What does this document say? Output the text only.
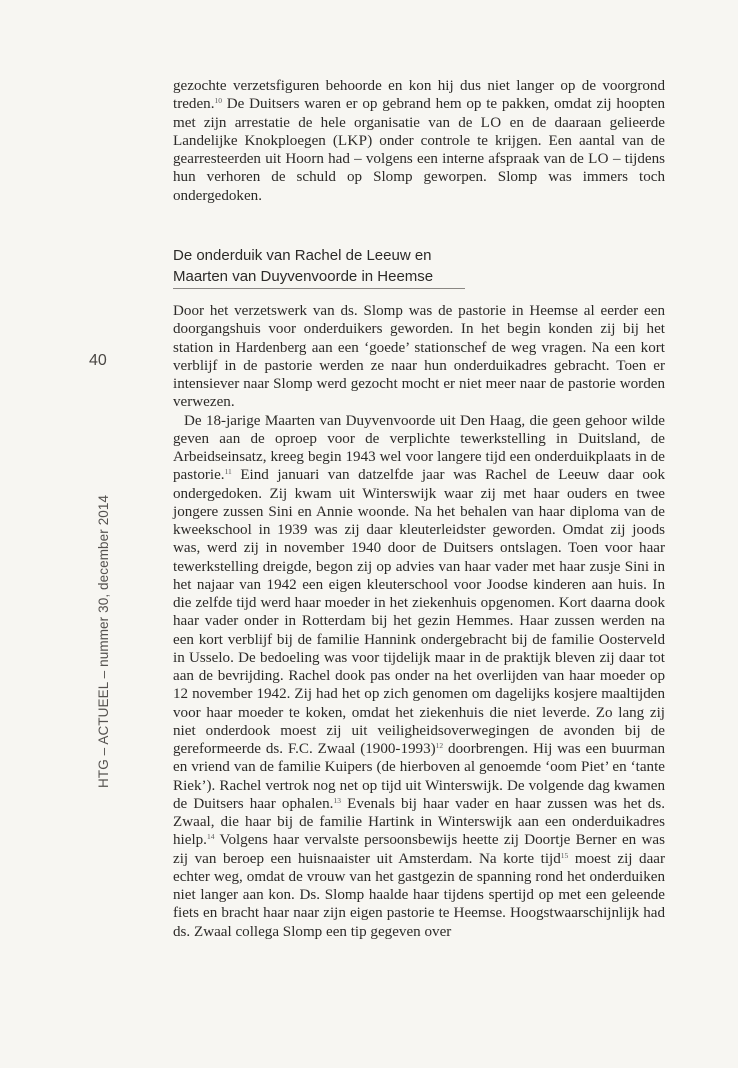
gezochte verzetsfiguren behoorde en kon hij dus niet langer op de voorgrond treden.$^{10}$ De Duitsers waren er op gebrand hem op te pakken, omdat zij hoopten met zijn arrestatie de hele organisatie van de LO en de daaraan gelieerde Landelijke Knokploegen (LKP) onder controle te krijgen. Een aantal van de gearresteerden uit Hoorn had – volgens een interne afspraak van de LO – tijdens hun verhoren de schuld op Slomp geworpen. Slomp was immers toch ondergedoken.

De onderduik van Rachel de Leeuw en
Maarten van Duyvenvoorde in Heemse
40
HTG – ACTUEEL – nummer 30, december 2014

Door het verzetswerk van ds. Slomp was de pastorie in Heemse al eerder een doorgangshuis voor onderduikers geworden. In het begin konden zij bij het station in Hardenberg aan een ‘goede’ stationschef de weg vragen. Na een kort verblijf in de pastorie werden ze naar hun onderduikadres gebracht. Toen er intensiever naar Slomp werd gezocht mocht er niet meer naar de pastorie worden verwezen.

De 18-jarige Maarten van Duyvenvoorde uit Den Haag, die geen gehoor wilde geven aan de oproep voor de verplichte tewerkstelling in Duitsland, de Arbeidseinsatz, kreeg begin 1943 wel voor langere tijd een onderduikplaats in de pastorie.$^{11}$ Eind januari van datzelfde jaar was Rachel de Leeuw daar ook ondergedoken. Zij kwam uit Winterswijk waar zij met haar ouders en twee jongere zussen Sini en Annie woonde. Na het behalen van haar diploma van de kweekschool in 1939 was zij daar kleuterleidster geworden. Omdat zij joods was, werd zij in november 1940 door de Duitsers ontslagen. Toen voor haar tewerkstelling dreigde, begon zij op advies van haar vader met haar zusje Sini in het najaar van 1942 een eigen kleuterschool voor Joodse kinderen aan huis. In die zelfde tijd werd haar moeder in het ziekenhuis opgenomen. Kort daarna dook haar vader onder in Rotterdam bij het gezin Hemmes. Haar zussen werden na een kort verblijf bij de familie Hannink ondergebracht bij de familie Oosterveld in Usselo. De bedoeling was voor tijdelijk maar in de praktijk bleven zij daar tot aan de bevrijding. Rachel dook pas onder na het overlijden van haar moeder op 12 november 1942. Zij had het op zich genomen om dagelijks kosjere maaltijden voor haar moeder te koken, omdat het ziekenhuis die niet leverde. Zo lang zij niet onderdook moest zij uit veiligheidsoverwegingen de avonden bij de gereformeerde ds. F.C. Zwaal (1900-1993)$^{12}$ doorbrengen. Hij was een buurman en vriend van de familie Kuipers (de hierboven al genoemde ‘oom Piet’ en ‘tante Riek’). Rachel vertrok nog net op tijd uit Winterswijk. De volgende dag kwamen de Duitsers haar ophalen.$^{13}$ Evenals bij haar vader en haar zussen was het ds. Zwaal, die haar bij de familie Hartink in Winterswijk aan een onderduikadres hielp.$^{14}$ Volgens haar vervalste persoonsbewijs heette zij Doortje Berner en was zij van beroep een huisnaaister uit Amsterdam. Na korte tijd$^{15}$ moest zij daar echter weg, omdat de vrouw van het gastgezin de spanning rond het onderduiken niet langer aan kon. Ds. Slomp haalde haar tijdens spertijd op met een geleende fiets en bracht haar naar zijn eigen pastorie te Heemse. Hoogstwaarschijnlijk had ds. Zwaal collega Slomp een tip gegeven over
